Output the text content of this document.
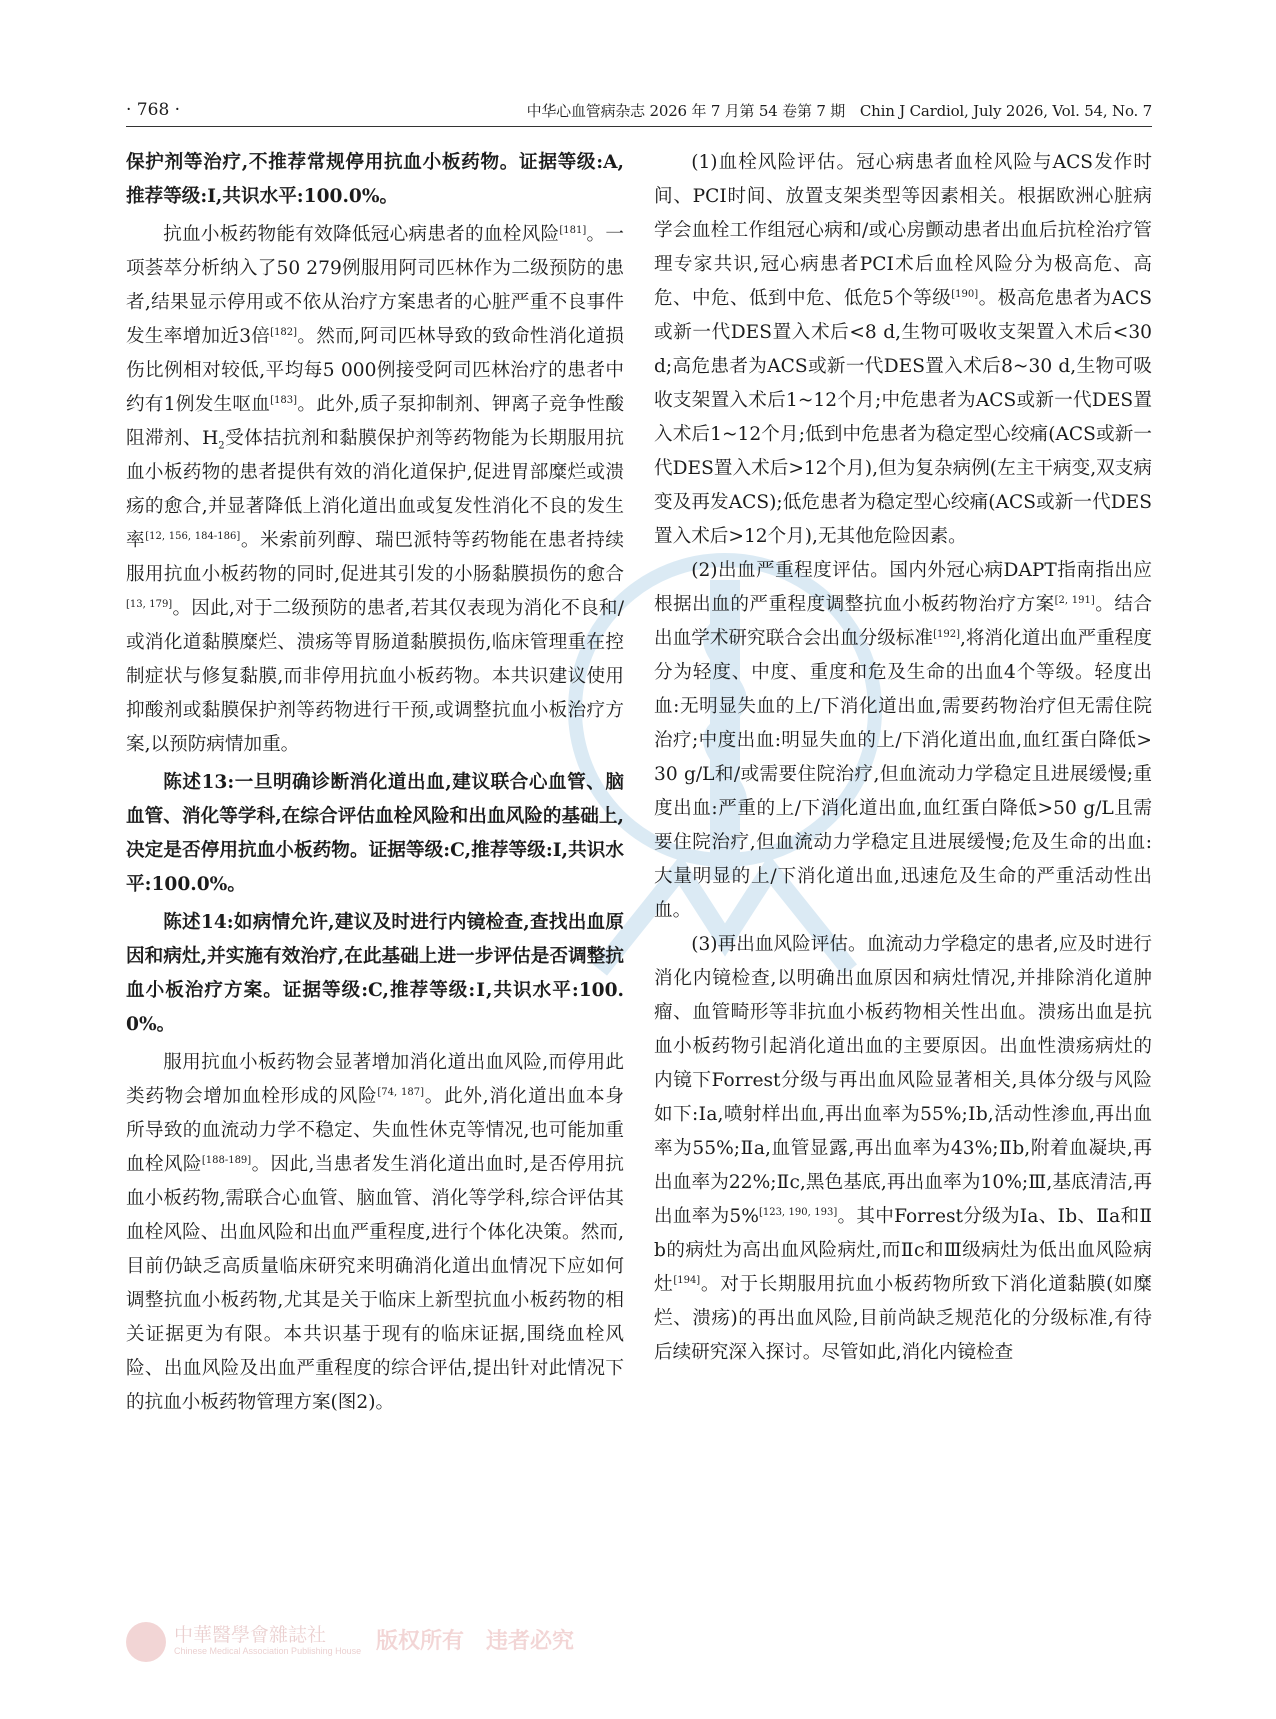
· 768 ·	中华心血管病杂志 2026 年 7 月第 54 卷第 7 期　Chin J Cardiol, July 2026, Vol. 54, No. 7

保护剂等治疗,不推荐常规停用抗血小板药物。证据等级:A,推荐等级:Ⅰ,共识水平:100.0%。

抗血小板药物能有效降低冠心病患者的血栓风险[181]。一项荟萃分析纳入了50 279例服用阿司匹林作为二级预防的患者,结果显示停用或不依从治疗方案患者的心脏严重不良事件发生率增加近3倍[182]。然而,阿司匹林导致的致命性消化道损伤比例相对较低,平均每5 000例接受阿司匹林治疗的患者中约有1例发生呕血[183]。此外,质子泵抑制剂、钾离子竞争性酸阻滞剂、$H_2$受体拮抗剂和黏膜保护剂等药物能为长期服用抗血小板药物的患者提供有效的消化道保护,促进胃部糜烂或溃疡的愈合,并显著降低上消化道出血或复发性消化不良的发生率[12, 156, 184-186]。米索前列醇、瑞巴派特等药物能在患者持续服用抗血小板药物的同时,促进其引发的小肠黏膜损伤的愈合[13, 179]。因此,对于二级预防的患者,若其仅表现为消化不良和/或消化道黏膜糜烂、溃疡等胃肠道黏膜损伤,临床管理重在控制症状与修复黏膜,而非停用抗血小板药物。本共识建议使用抑酸剂或黏膜保护剂等药物进行干预,或调整抗血小板治疗方案,以预防病情加重。

陈述13:一旦明确诊断消化道出血,建议联合心血管、脑血管、消化等学科,在综合评估血栓风险和出血风险的基础上,决定是否停用抗血小板药物。证据等级:C,推荐等级:Ⅰ,共识水平:100.0%。

陈述14:如病情允许,建议及时进行内镜检查,查找出血原因和病灶,并实施有效治疗,在此基础上进一步评估是否调整抗血小板治疗方案。证据等级:C,推荐等级:Ⅰ,共识水平:100.0%。

服用抗血小板药物会显著增加消化道出血风险,而停用此类药物会增加血栓形成的风险[74, 187]。此外,消化道出血本身所导致的血流动力学不稳定、失血性休克等情况,也可能加重血栓风险[188-189]。因此,当患者发生消化道出血时,是否停用抗血小板药物,需联合心血管、脑血管、消化等学科,综合评估其血栓风险、出血风险和出血严重程度,进行个体化决策。然而,目前仍缺乏高质量临床研究来明确消化道出血情况下应如何调整抗血小板药物,尤其是关于临床上新型抗血小板药物的相关证据更为有限。本共识基于现有的临床证据,围绕血栓风险、出血风险及出血严重程度的综合评估,提出针对此情况下的抗血小板药物管理方案(图2)。

(1)血栓风险评估。冠心病患者血栓风险与ACS发作时间、PCI时间、放置支架类型等因素相关。根据欧洲心脏病学会血栓工作组冠心病和/或心房颤动患者出血后抗栓治疗管理专家共识,冠心病患者PCI术后血栓风险分为极高危、高危、中危、低到中危、低危5个等级[190]。极高危患者为ACS或新一代DES置入术后<8 d,生物可吸收支架置入术后<30 d;高危患者为ACS或新一代DES置入术后8~30 d,生物可吸收支架置入术后1~12个月;中危患者为ACS或新一代DES置入术后1~12个月;低到中危患者为稳定型心绞痛(ACS或新一代DES置入术后>12个月),但为复杂病例(左主干病变,双支病变及再发ACS);低危患者为稳定型心绞痛(ACS或新一代DES置入术后>12个月),无其他危险因素。

(2)出血严重程度评估。国内外冠心病DAPT指南指出应根据出血的严重程度调整抗血小板药物治疗方案[2, 191]。结合出血学术研究联合会出血分级标准[192],将消化道出血严重程度分为轻度、中度、重度和危及生命的出血4个等级。轻度出血:无明显失血的上/下消化道出血,需要药物治疗但无需住院治疗;中度出血:明显失血的上/下消化道出血,血红蛋白降低>30 g/L和/或需要住院治疗,但血流动力学稳定且进展缓慢;重度出血:严重的上/下消化道出血,血红蛋白降低>50 g/L且需要住院治疗,但血流动力学稳定且进展缓慢;危及生命的出血:大量明显的上/下消化道出血,迅速危及生命的严重活动性出血。

(3)再出血风险评估。血流动力学稳定的患者,应及时进行消化内镜检查,以明确出血原因和病灶情况,并排除消化道肿瘤、血管畸形等非抗血小板药物相关性出血。溃疡出血是抗血小板药物引起消化道出血的主要原因。出血性溃疡病灶的内镜下Forrest分级与再出血风险显著相关,具体分级与风险如下:Ⅰa,喷射样出血,再出血率为55%;Ⅰb,活动性渗血,再出血率为55%;Ⅱa,血管显露,再出血率为43%;Ⅱb,附着血凝块,再出血率为22%;Ⅱc,黑色基底,再出血率为10%;Ⅲ,基底清洁,再出血率为5%[123, 190, 193]。其中Forrest分级为Ⅰa、Ⅰb、Ⅱa和Ⅱb的病灶为高出血风险病灶,而Ⅱc和Ⅲ级病灶为低出血风险病灶[194]。对于长期服用抗血小板药物所致下消化道黏膜(如糜烂、溃疡)的再出血风险,目前尚缺乏规范化的分级标准,有待后续研究深入探讨。尽管如此,消化内镜检查

中華醫學會雜誌社
Chinese Medical Association Publishing House 版权所有　违者必究
